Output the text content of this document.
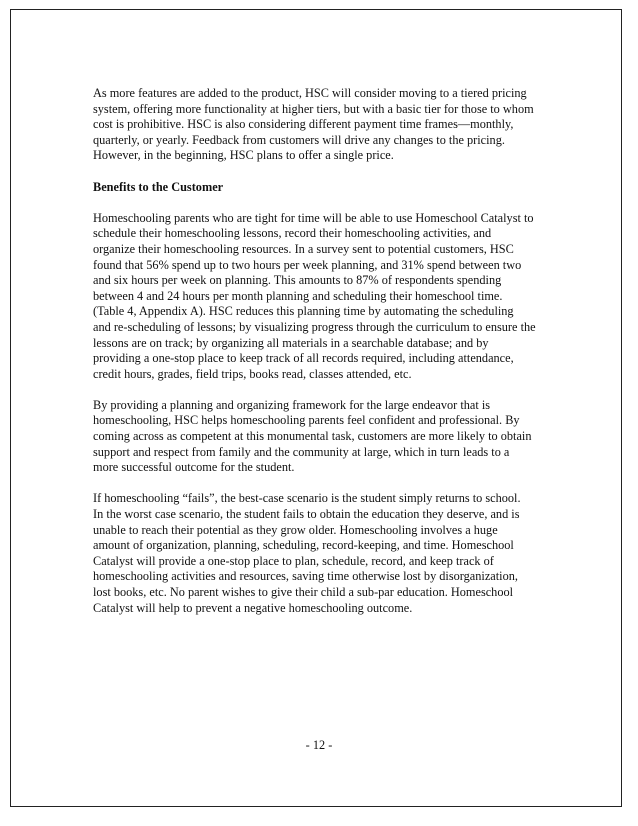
As more features are added to the product, HSC will consider moving to a tiered pricing
system, offering more functionality at higher tiers, but with a basic tier for those to whom
cost is prohibitive. HSC is also considering different payment time frames—monthly,
quarterly, or yearly. Feedback from customers will drive any changes to the pricing.
However, in the beginning, HSC plans to offer a single price.

Benefits to the Customer

Homeschooling parents who are tight for time will be able to use Homeschool Catalyst to
schedule their homeschooling lessons, record their homeschooling activities, and
organize their homeschooling resources. In a survey sent to potential customers, HSC
found that 56% spend up to two hours per week planning, and 31% spend between two
and six hours per week on planning. This amounts to 87% of respondents spending
between 4 and 24 hours per month planning and scheduling their homeschool time.
(Table 4, Appendix A). HSC reduces this planning time by automating the scheduling
and re-scheduling of lessons; by visualizing progress through the curriculum to ensure the
lessons are on track; by organizing all materials in a searchable database; and by
providing a one-stop place to keep track of all records required, including attendance,
credit hours, grades, field trips, books read, classes attended, etc.

By providing a planning and organizing framework for the large endeavor that is
homeschooling, HSC helps homeschooling parents feel confident and professional. By
coming across as competent at this monumental task, customers are more likely to obtain
support and respect from family and the community at large, which in turn leads to a
more successful outcome for the student.

If homeschooling “fails”, the best-case scenario is the student simply returns to school.
In the worst case scenario, the student fails to obtain the education they deserve, and is
unable to reach their potential as they grow older. Homeschooling involves a huge
amount of organization, planning, scheduling, record-keeping, and time. Homeschool
Catalyst will provide a one-stop place to plan, schedule, record, and keep track of
homeschooling activities and resources, saving time otherwise lost by disorganization,
lost books, etc. No parent wishes to give their child a sub-par education. Homeschool
Catalyst will help to prevent a negative homeschooling outcome.

- 12 -
